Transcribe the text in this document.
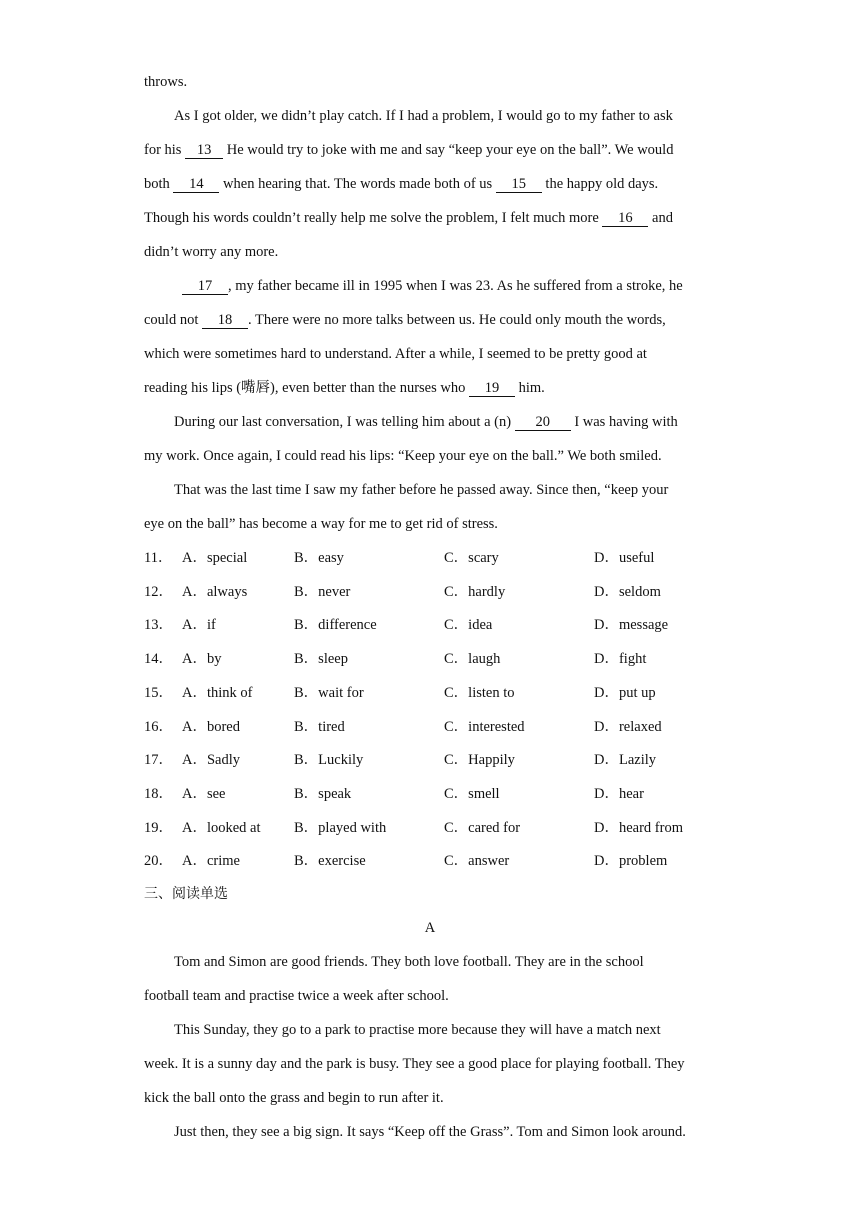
throws.
As I got older, we didn’t play catch. If I had a problem, I would go to my father to ask
for his 13 He would try to joke with me and say “keep your eye on the ball”. We would
both 14 when hearing that. The words made both of us 15 the happy old days.
Though his words couldn’t really help me solve the problem, I felt much more 16 and
didn’t worry any more.
17 , my father became ill in 1995 when I was 23. As he suffered from a stroke, he
could not 18 . There were no more talks between us. He could only mouth the words,
which were sometimes hard to understand. After a while, I seemed to be pretty good at
reading his lips (嘴唇), even better than the nurses who 19 him.
During our last conversation, I was telling him about a (n) 20 I was having with
my work. Once again, I could read his lips: “Keep your eye on the ball.” We both smiled.
That was the last time I saw my father before he passed away. Since then, “keep your
eye on the ball” has become a way for me to get rid of stress.
11． A．special	B．easy	C．scary	D．useful
12． A．always	B．never	C．hardly	D．seldom
13． A．if	B．difference	C．idea	D．message
14． A．by	B．sleep	C．laugh	D．fight
15． A．think of	B．wait for	C．listen to	D．put up
16． A．bored	B．tired	C．interested	D．relaxed
17． A．Sadly	B．Luckily	C．Happily	D．Lazily
18． A．see	B．speak	C．smell	D．hear
19． A．looked at B．played with	C．cared for	D．heard from
20． A．crime	B．exercise	C．answer	D．problem
三、阅读单选
A
Tom and Simon are good friends. They both love football. They are in the school
football team and practise twice a week after school.
This Sunday, they go to a park to practise more because they will have a match next
week. It is a sunny day and the park is busy. They see a good place for playing football. They
kick the ball onto the grass and begin to run after it.
Just then, they see a big sign. It says “Keep off the Grass”. Tom and Simon look around.
